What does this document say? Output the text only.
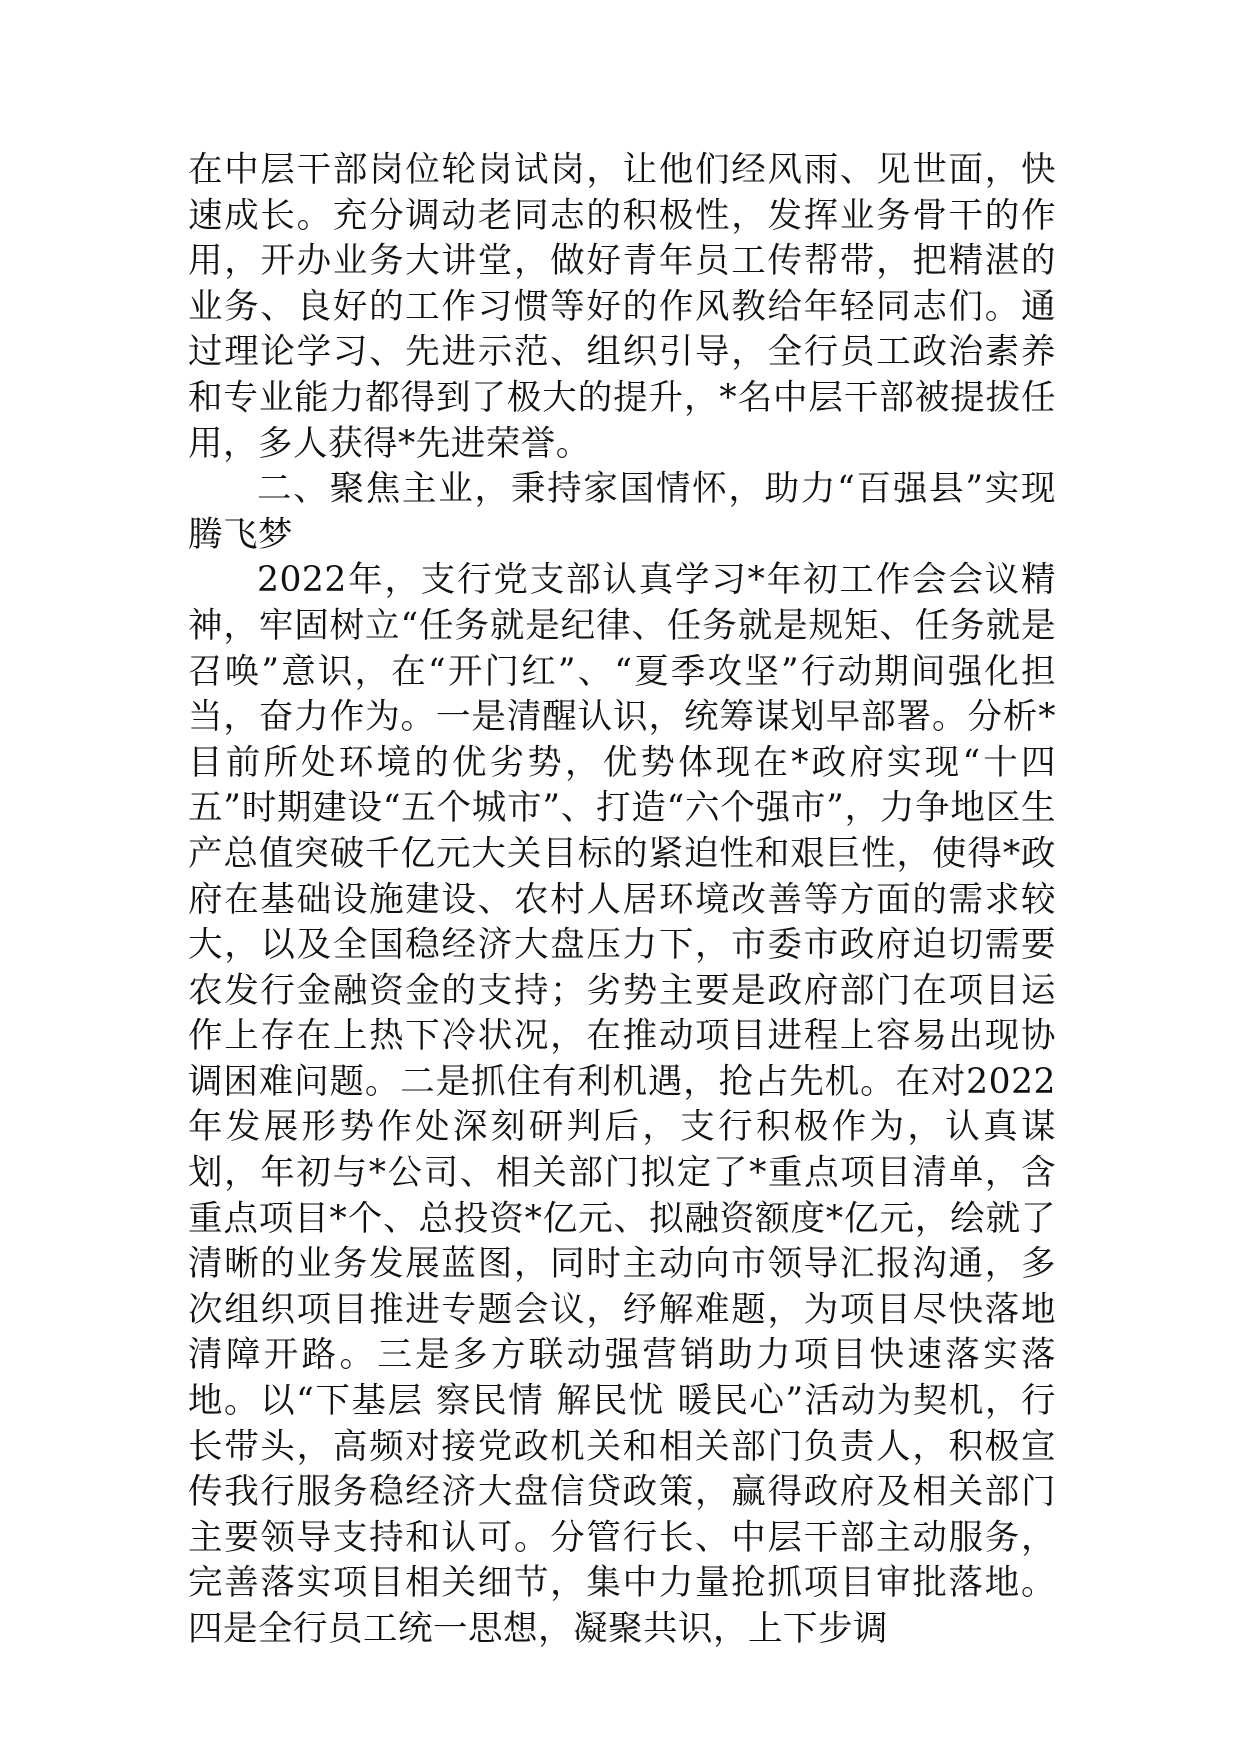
在中层干部岗位轮岗试岗，让他们经风雨、见世面，快速成长。充分调动老同志的积极性，发挥业务骨干的作用，开办业务大讲堂，做好青年员工传帮带，把精湛的业务、良好的工作习惯等好的作风教给年轻同志们。通过理论学习、先进示范、组织引导，全行员工政治素养和专业能力都得到了极大的提升，*名中层干部被提拔任用，多人获得*先进荣誉。

二、聚焦主业，秉持家国情怀，助力“百强县”实现腾飞梦

2022年，支行党支部认真学习*年初工作会会议精神，牢固树立“任务就是纪律、任务就是规矩、任务就是召唤”意识，在“开门红”、“夏季攻坚”行动期间强化担当，奋力作为。一是清醒认识，统筹谋划早部署。分析*目前所处环境的优劣势，优势体现在*政府实现“十四五”时期建设“五个城市”、打造“六个强市”，力争地区生产总值突破千亿元大关目标的紧迫性和艰巨性，使得*政府在基础设施建设、农村人居环境改善等方面的需求较大，以及全国稳经济大盘压力下，市委市政府迫切需要农发行金融资金的支持；劣势主要是政府部门在项目运作上存在上热下冷状况，在推动项目进程上容易出现协调困难问题。二是抓住有利机遇，抢占先机。在对2022年发展形势作处深刻研判后，支行积极作为，认真谋划，年初与*公司、相关部门拟定了*重点项目清单，含重点项目*个、总投资*亿元、拟融资额度*亿元，绘就了清晰的业务发展蓝图，同时主动向市领导汇报沟通，多次组织项目推进专题会议，纾解难题，为项目尽快落地清障开路。三是多方联动强营销助力项目快速落实落地。以“下基层 察民情 解民忧 暖民心”活动为契机，行长带头，高频对接党政机关和相关部门负责人，积极宣传我行服务稳经济大盘信贷政策，赢得政府及相关部门主要领导支持和认可。分管行长、中层干部主动服务，完善落实项目相关细节，集中力量抢抓项目审批落地。四是全行员工统一思想，凝聚共识，上下步调
